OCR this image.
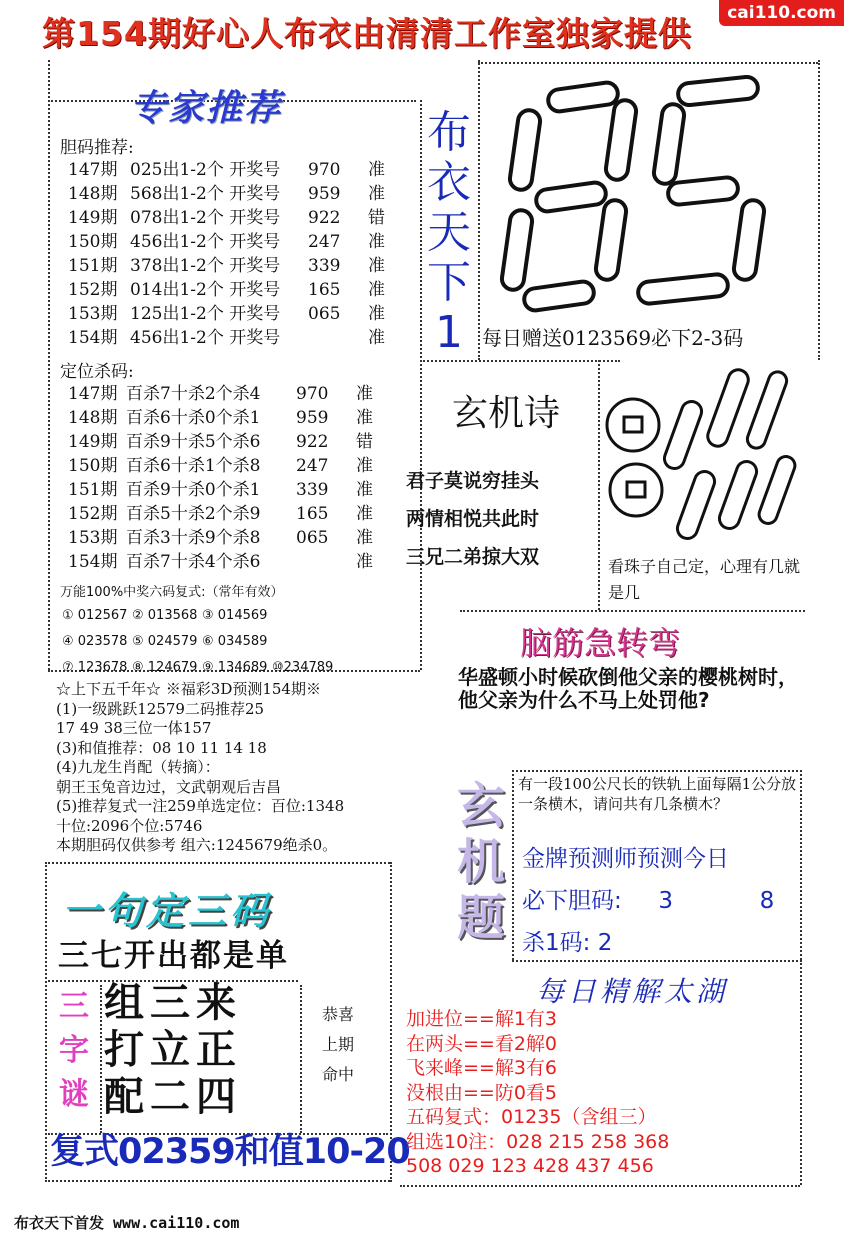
第154期好心人布衣由清清工作室独家提供
cai110.com
专家推荐
胆码推荐:
147期 025出1-2个 开奖号	970	准
148期 568出1-2个 开奖号	959	准
149期 078出1-2个 开奖号	922	错
150期 456出1-2个 开奖号	247	准
151期 378出1-2个 开奖号	339	准
152期 014出1-2个 开奖号	165	准
153期 125出1-2个 开奖号	065	准
154期 456出1-2个 开奖号	准
定位杀码:
147期 百杀7十杀2个杀4	970	准
148期 百杀6十杀0个杀1	959	准
149期 百杀9十杀5个杀6	922	错
150期 百杀6十杀1个杀8	247	准
151期 百杀9十杀0个杀1	339	准
152期 百杀5十杀2个杀9	165	准
153期 百杀3十杀9个杀8	065	准
154期 百杀7十杀4个杀6	准
万能100%中奖六码复式:（常年有效）
① 012567 ② 013568 ③ 014569
④ 023578 ⑤ 024579 ⑥ 034589
⑦ 123678 ⑧ 124679 ⑨ 134689 ⑩234789
布
衣
天
下
1 每日赠送0123569必下2-3码
玄机诗
君子莫说穷挂头
两情相悦共此时
三兄二弟掠大双	看珠子自己定，心理有几就是几
脑筋急转弯
华盛顿小时候砍倒他父亲的樱桃树时，他父亲为什么不马上处罚他?
☆上下五千年☆ ※福彩3D预测154期※
(1)一级跳跃12579二码推荐25
17 49 38三位一体157
(3)和值推荐：08 10 11 14 18
(4)九龙生肖配（转摘）：
朝王玉兔音边过，文武朝观后吉昌
(5)推荐复式一注259单选定位：百位:1348
十位:2096个位:5746
本期胆码仅供参考 组六:1245679绝杀0。
玄
机
题
有一段100公尺长的铁轨上面每隔1公分放一条横木，请问共有几条横木？
金牌预测师预测今日
必下胆码: 3	8
杀1码: 2
一句定三码
三七开出都是单
三
字
谜
组三来
打立正
配二四
恭喜
上期
命中
复式02359和值10-20
每日精解太湖
加进位==解1有3
在两头==看2解0
飞来峰==解3有6
没根由==防0看5
五码复式：01235（含组三）
组选10注：028 215 258 368
508 029 123 428 437 456
布衣天下首发 www.cai110.com
